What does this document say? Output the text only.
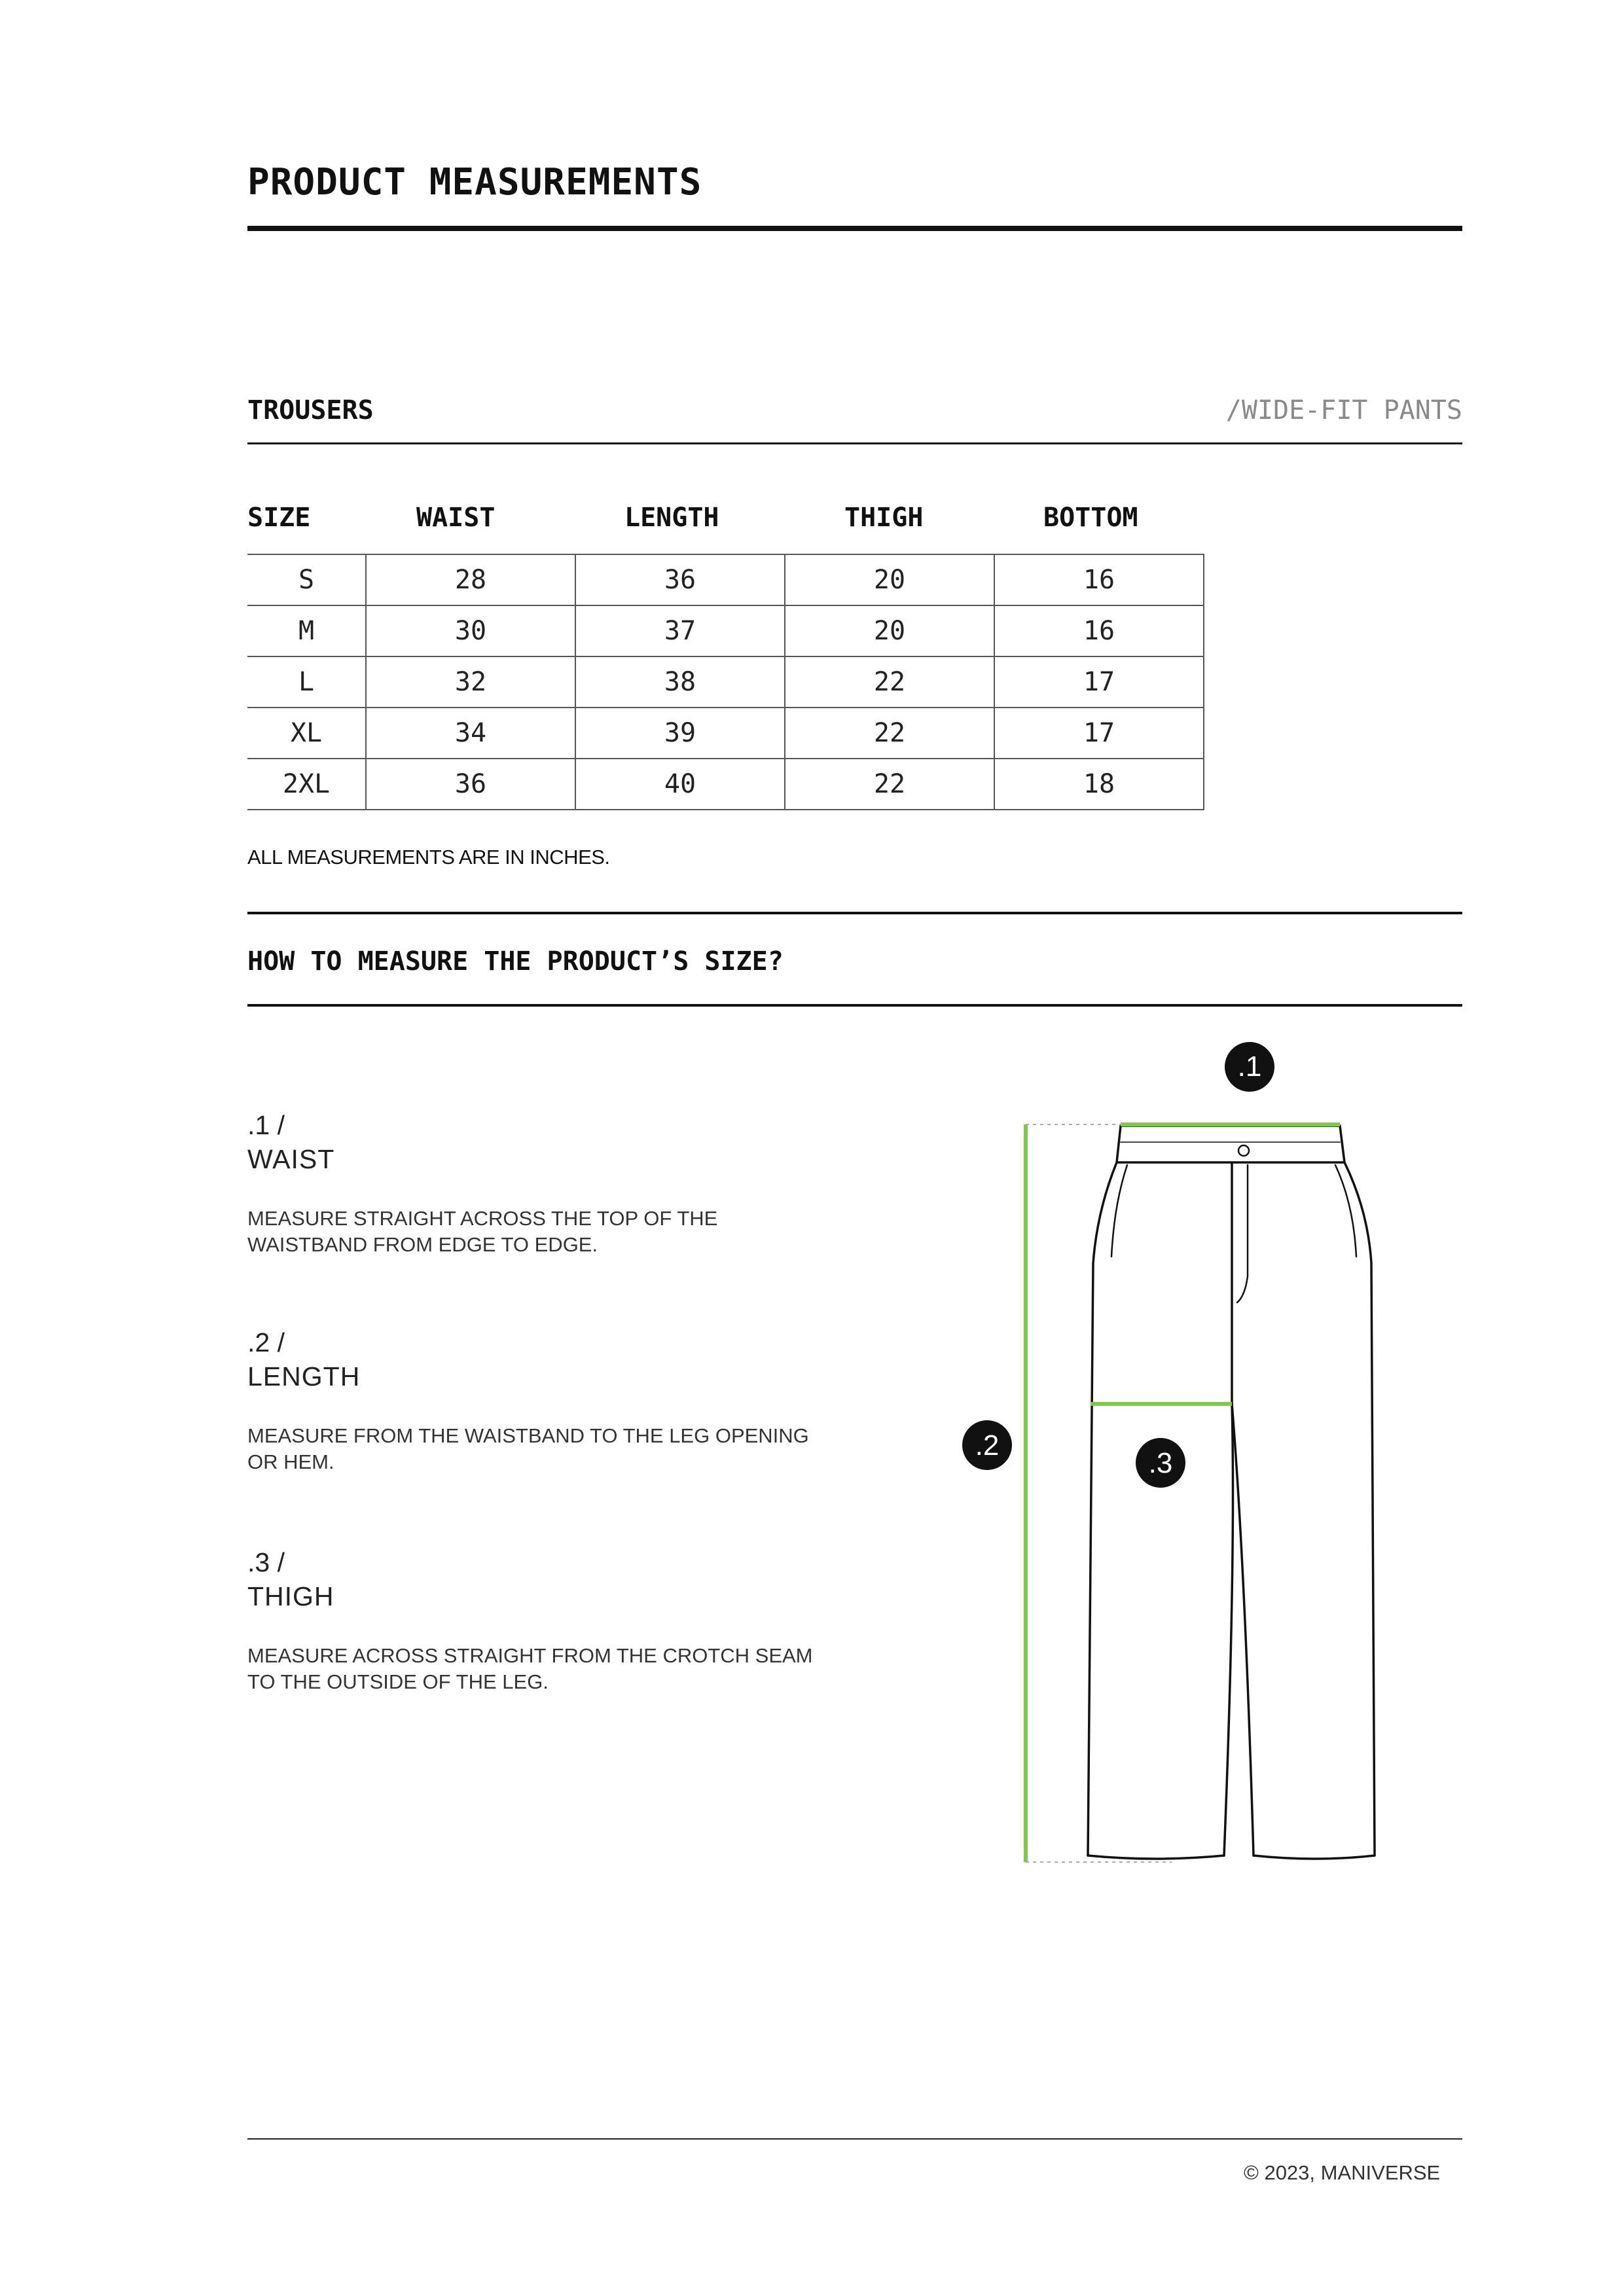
PRODUCT MEASUREMENTS
TROUSERS	/WIDE-FIT PANTS
SIZE	WAIST	LENGTH	THIGH	BOTTOM
S	28	36	20	16
M	30	37	20	16
L	32	38	22	17
XL	34	39	22	17
2XL	36	40	22	18
ALL MEASUREMENTS ARE IN INCHES.
HOW TO MEASURE THE PRODUCT’S SIZE?
.1 /
WAIST
MEASURE STRAIGHT ACROSS THE TOP OF THE WAISTBAND FROM EDGE TO EDGE.
.2 /
LENGTH
MEASURE FROM THE WAISTBAND TO THE LEG OPENING OR HEM.
.3 /
THIGH
MEASURE ACROSS STRAIGHT FROM THE CROTCH SEAM TO THE OUTSIDE OF THE LEG.
.1
.2
.3
© 2023, MANIVERSE
